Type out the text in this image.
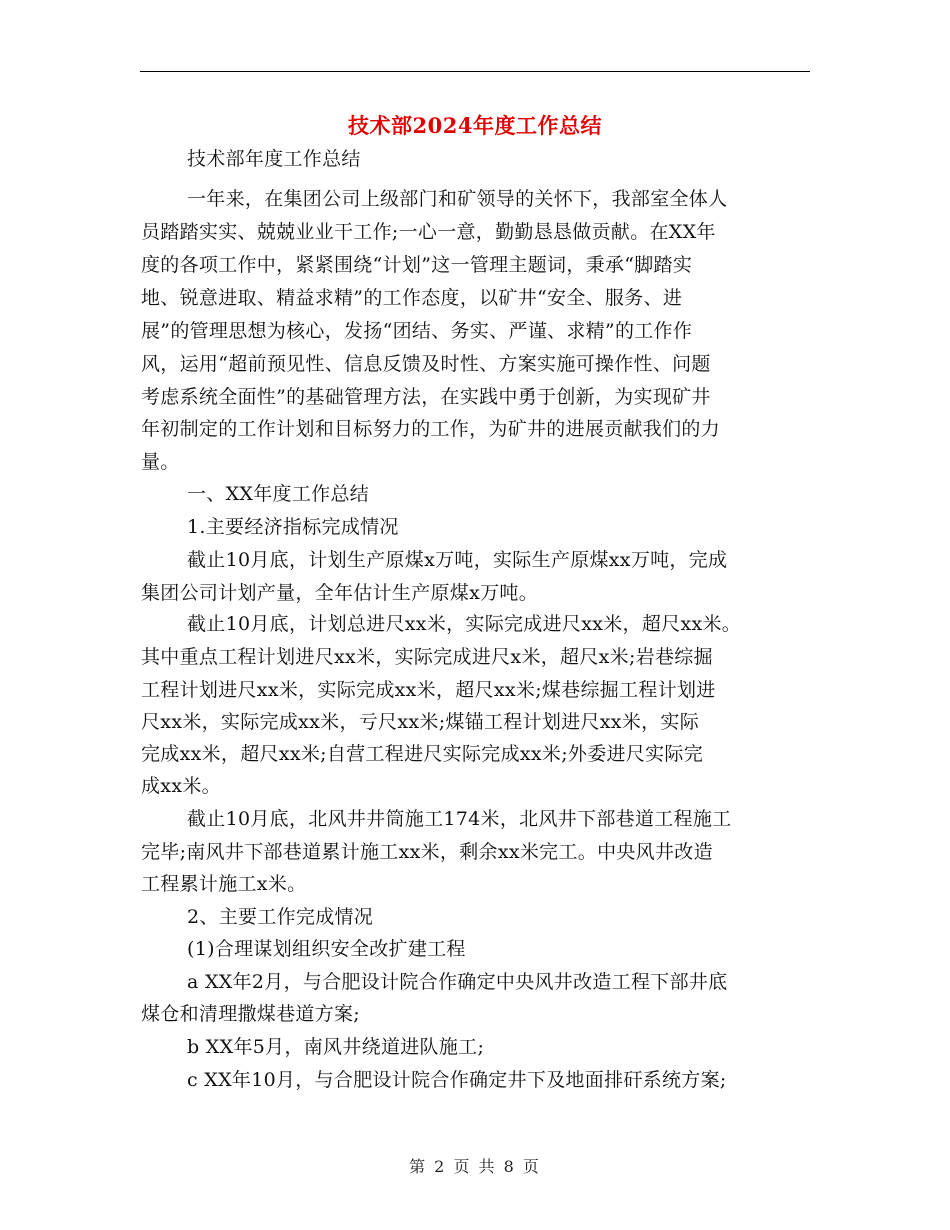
技术部2024年度工作总结
技术部年度工作总结
一年来，在集团公司上级部门和矿领导的关怀下，我部室全体人
员踏踏实实、兢兢业业干工作;一心一意，勤勤恳恳做贡献。在XX年
度的各项工作中，紧紧围绕“计划”这一管理主题词，秉承“脚踏实
地、锐意进取、精益求精”的工作态度，以矿井“安全、服务、进
展”的管理思想为核心，发扬“团结、务实、严谨、求精”的工作作
风，运用“超前预见性、信息反馈及时性、方案实施可操作性、问题
考虑系统全面性”的基础管理方法，在实践中勇于创新，为实现矿井
年初制定的工作计划和目标努力的工作，为矿井的进展贡献我们的力
量。
一、XX年度工作总结
1.主要经济指标完成情况
截止10月底，计划生产原煤x万吨，实际生产原煤xx万吨，完成
集团公司计划产量，全年估计生产原煤x万吨。
截止10月底，计划总进尺xx米，实际完成进尺xx米，超尺xx米。
其中重点工程计划进尺xx米，实际完成进尺x米，超尺x米;岩巷综掘
工程计划进尺xx米，实际完成xx米，超尺xx米;煤巷综掘工程计划进
尺xx米，实际完成xx米，亏尺xx米;煤锚工程计划进尺xx米，实际
完成xx米，超尺xx米;自营工程进尺实际完成xx米;外委进尺实际完
成xx米。
截止10月底，北风井井筒施工174米，北风井下部巷道工程施工
完毕;南风井下部巷道累计施工xx米，剩余xx米完工。中央风井改造
工程累计施工x米。
2、主要工作完成情况
(1)合理谋划组织安全改扩建工程
a XX年2月，与合肥设计院合作确定中央风井改造工程下部井底
煤仓和清理撒煤巷道方案;
b XX年5月，南风井绕道进队施工;
c XX年10月，与合肥设计院合作确定井下及地面排矸系统方案;
第 2 页 共 8 页
